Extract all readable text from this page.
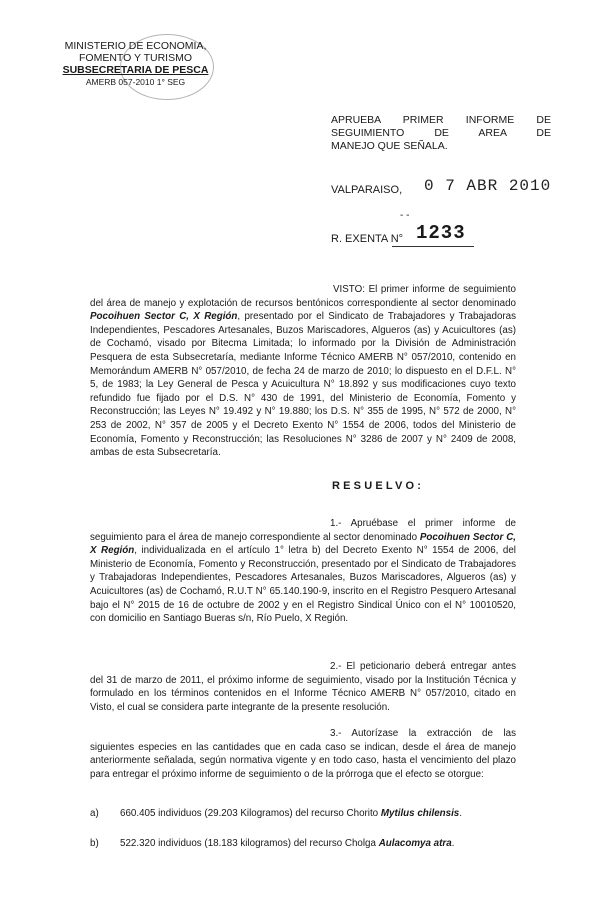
MINISTERIO DE ECONOMIA,
FOMENTO Y TURISMO
SUBSECRETARIA DE PESCA
AMERB 057-2010 1° SEG
APRUEBA PRIMER INFORME DE
SEGUIMIENTO DE AREA DE
MANEJO QUE SEÑALA.
VALPARAISO, 0 7 ABR 2010
- -
R. EXENTA N° 1233
VISTO: El primer informe de seguimiento del área de manejo y explotación de recursos bentónicos correspondiente al sector denominado Pocoihuen Sector C, X Región, presentado por el Sindicato de Trabajadores y Trabajadoras Independientes, Pescadores Artesanales, Buzos Mariscadores, Algueros (as) y Acuicultores (as) de Cochamó, visado por Bitecma Limitada; lo informado por la División de Administración Pesquera de esta Subsecretaría, mediante Informe Técnico AMERB N° 057/2010, contenido en Memorándum AMERB N° 057/2010, de fecha 24 de marzo de 2010; lo dispuesto en el D.F.L. N° 5, de 1983; la Ley General de Pesca y Acuicultura N° 18.892 y sus modificaciones cuyo texto refundido fue fijado por el D.S. N° 430 de 1991, del Ministerio de Economía, Fomento y Reconstrucción; las Leyes N° 19.492 y N° 19.880; los D.S. N° 355 de 1995, N° 572 de 2000, N° 253 de 2002, N° 357 de 2005 y el Decreto Exento N° 1554 de 2006, todos del Ministerio de Economía, Fomento y Reconstrucción; las Resoluciones N° 3286 de 2007 y N° 2409 de 2008, ambas de esta Subsecretaría.
RESUELVO:
1.- Apruébase el primer informe de seguimiento para el área de manejo correspondiente al sector denominado Pocoihuen Sector C, X Región, individualizada en el artículo 1° letra b) del Decreto Exento N° 1554 de 2006, del Ministerio de Economía, Fomento y Reconstrucción, presentado por el Sindicato de Trabajadores y Trabajadoras Independientes, Pescadores Artesanales, Buzos Mariscadores, Algueros (as) y Acuicultores (as) de Cochamó, R.U.T N° 65.140.190-9, inscrito en el Registro Pesquero Artesanal bajo el N° 2015 de 16 de octubre de 2002 y en el Registro Sindical Único con el N° 10010520, con domicilio en Santiago Bueras s/n, Río Puelo, X Región.
2.- El peticionario deberá entregar antes del 31 de marzo de 2011, el próximo informe de seguimiento, visado por la Institución Técnica y formulado en los términos contenidos en el Informe Técnico AMERB N° 057/2010, citado en Visto, el cual se considera parte integrante de la presente resolución.
3.- Autorízase la extracción de las siguientes especies en las cantidades que en cada caso se indican, desde el área de manejo anteriormente señalada, según normativa vigente y en todo caso, hasta el vencimiento del plazo para entregar el próximo informe de seguimiento o de la prórroga que el efecto se otorgue:
a) 660.405 individuos (29.203 Kilogramos) del recurso Chorito Mytilus chilensis.
b) 522.320 individuos (18.183 kilogramos) del recurso Cholga Aulacomya atra.
